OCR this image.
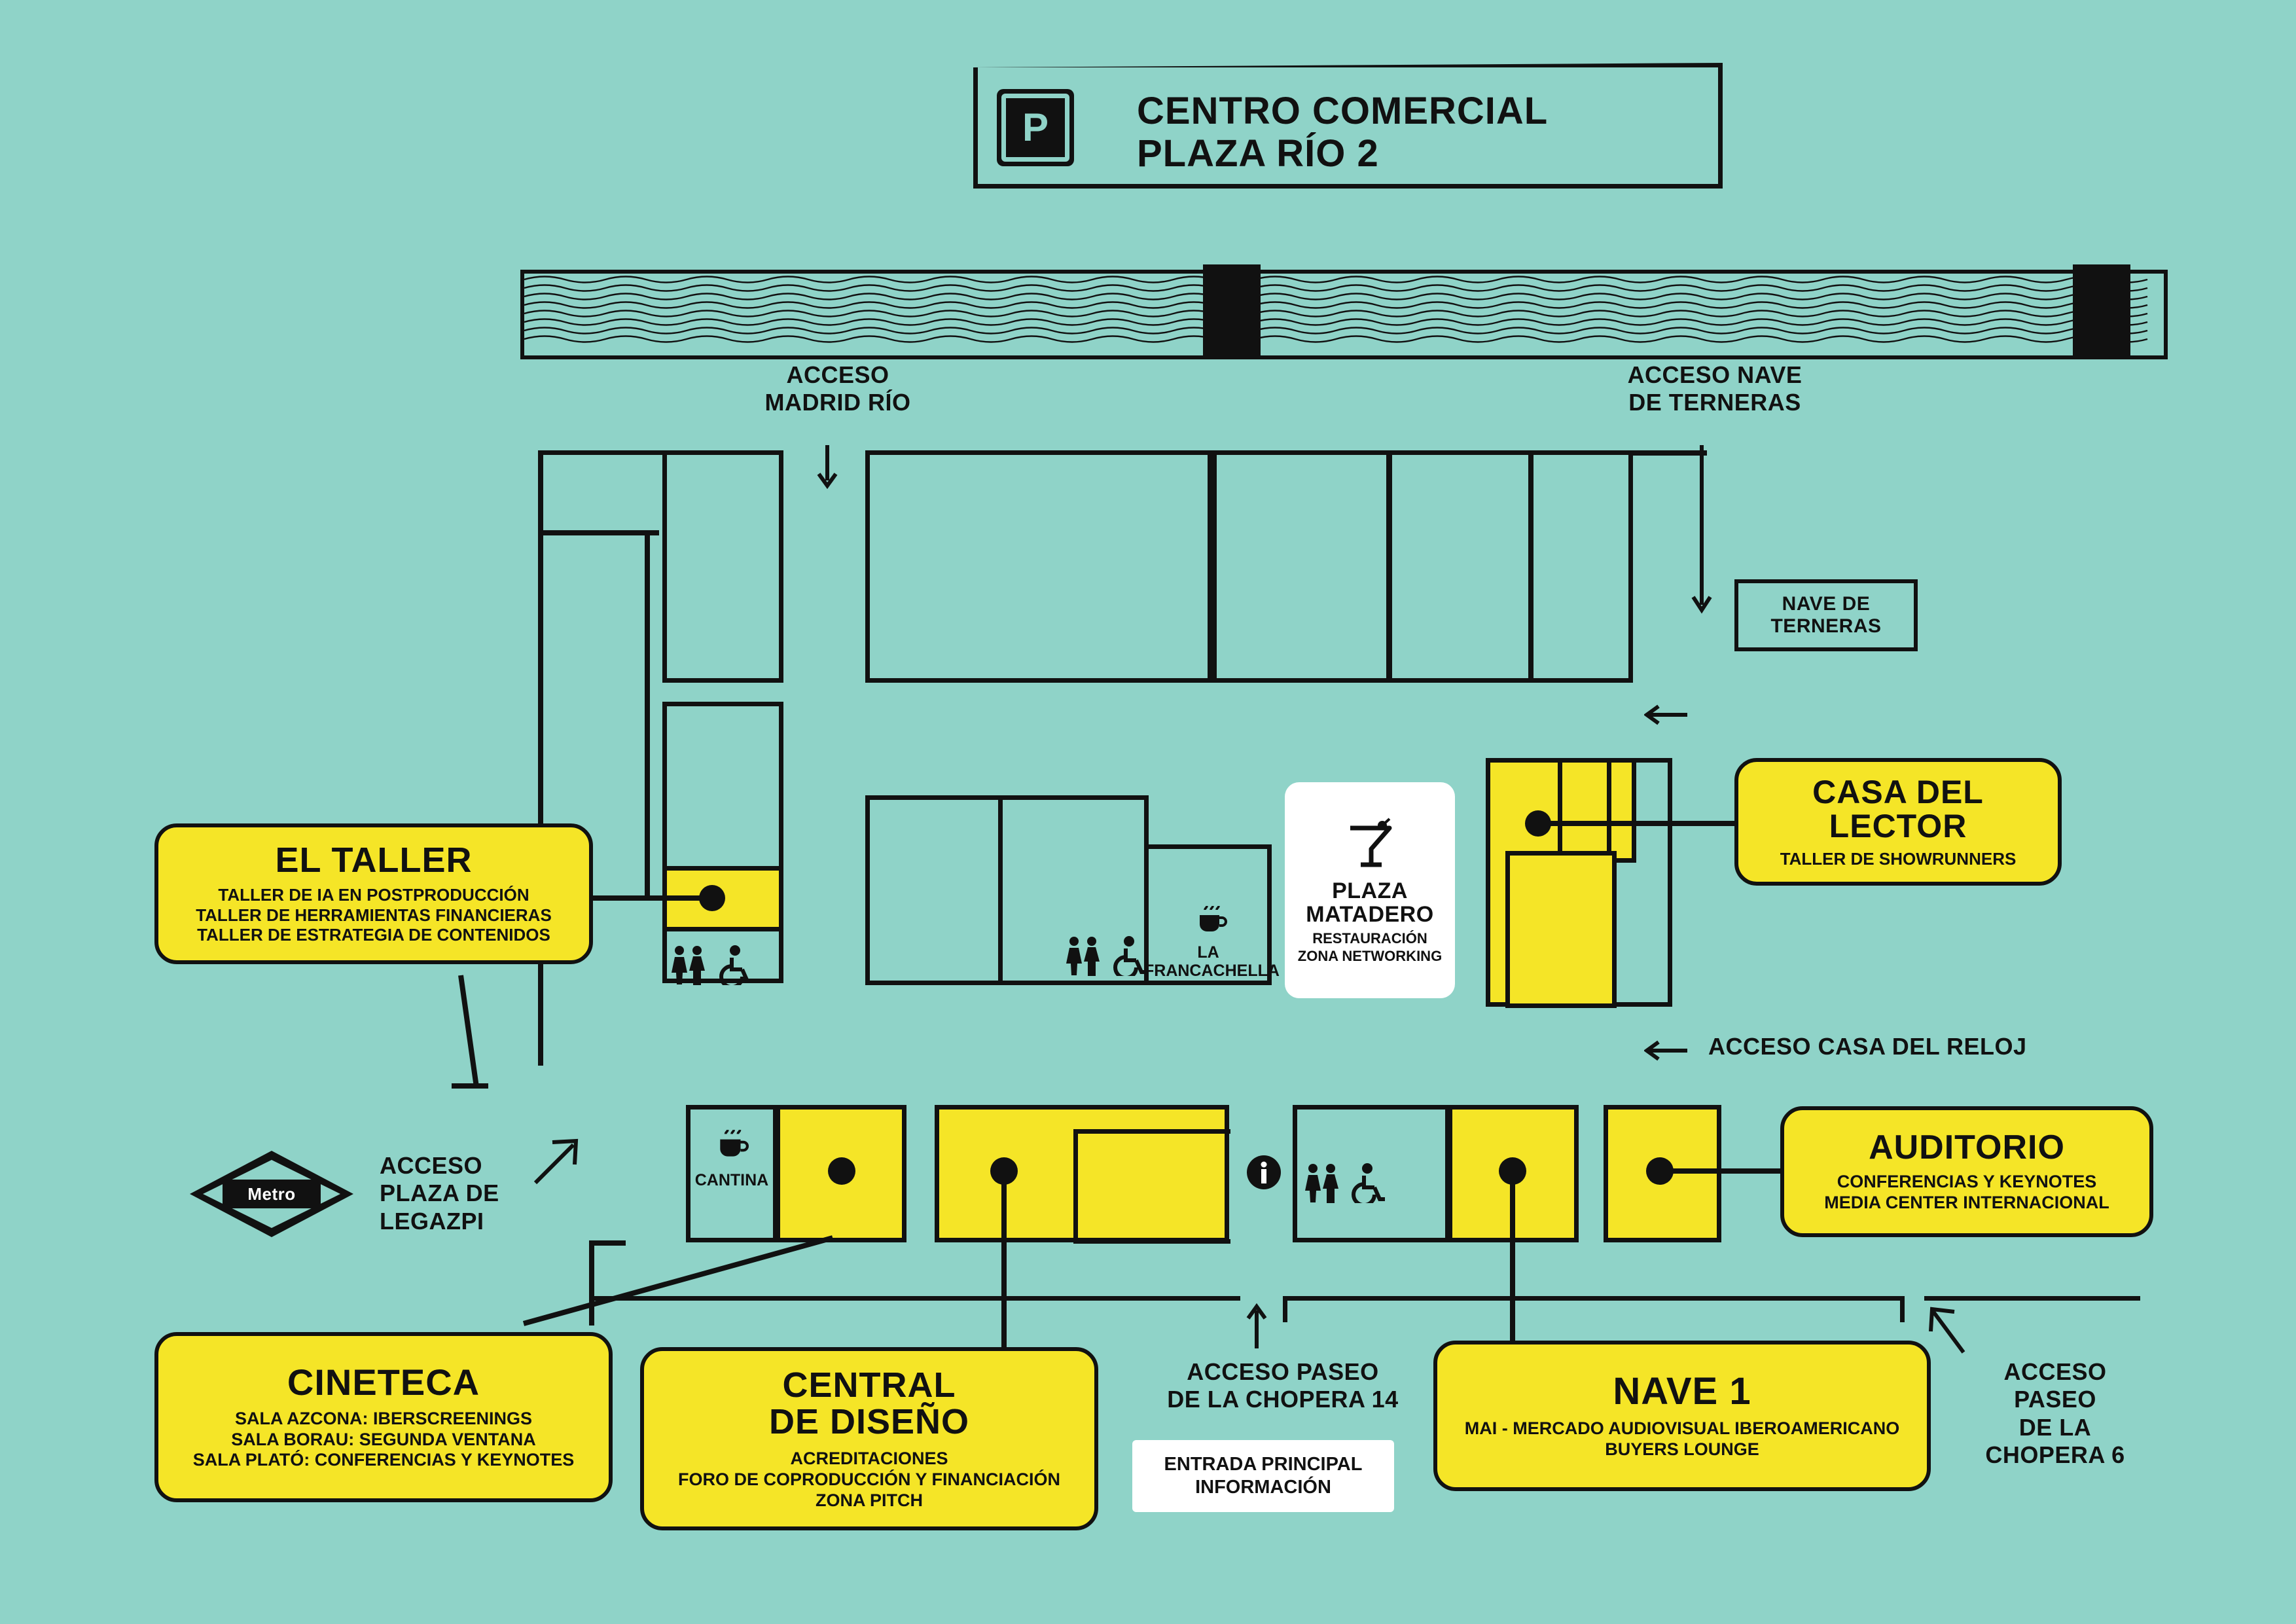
P	CENTRO COMERCIAL
PLAZA RÍO 2
ACCESO
MADRID RÍO
ACCESO NAVE
DE TERNERAS
LA
FRANCACHELLA
PLAZA
MATADERO
RESTAURACIÓN
ZONA NETWORKING
NAVE DE
TERNERAS
ACCESO CASA DEL RELOJ
CANTINA
ACCESO PASEO
DE LA CHOPERA 14
ACCESO
PASEO
DE LA
CHOPERA 6
Metro
ACCESO
PLAZA DE
LEGAZPI
EL TALLER
TALLER DE IA EN POSTPRODUCCIÓN
TALLER DE HERRAMIENTAS FINANCIERAS
TALLER DE ESTRATEGIA DE CONTENIDOS
CASA DEL
LECTOR
TALLER DE SHOWRUNNERS
AUDITORIO
CONFERENCIAS Y KEYNOTES
MEDIA CENTER INTERNACIONAL
CINETECA
SALA AZCONA: IBERSCREENINGS
SALA BORAU: SEGUNDA VENTANA
SALA PLATÓ: CONFERENCIAS Y KEYNOTES
CENTRAL
DE DISEÑO
ACREDITACIONES
FORO DE COPRODUCCIÓN Y FINANCIACIÓN
ZONA PITCH
NAVE 1
MAI - MERCADO AUDIOVISUAL IBEROAMERICANO
BUYERS LOUNGE
ENTRADA PRINCIPAL
INFORMACIÓN
